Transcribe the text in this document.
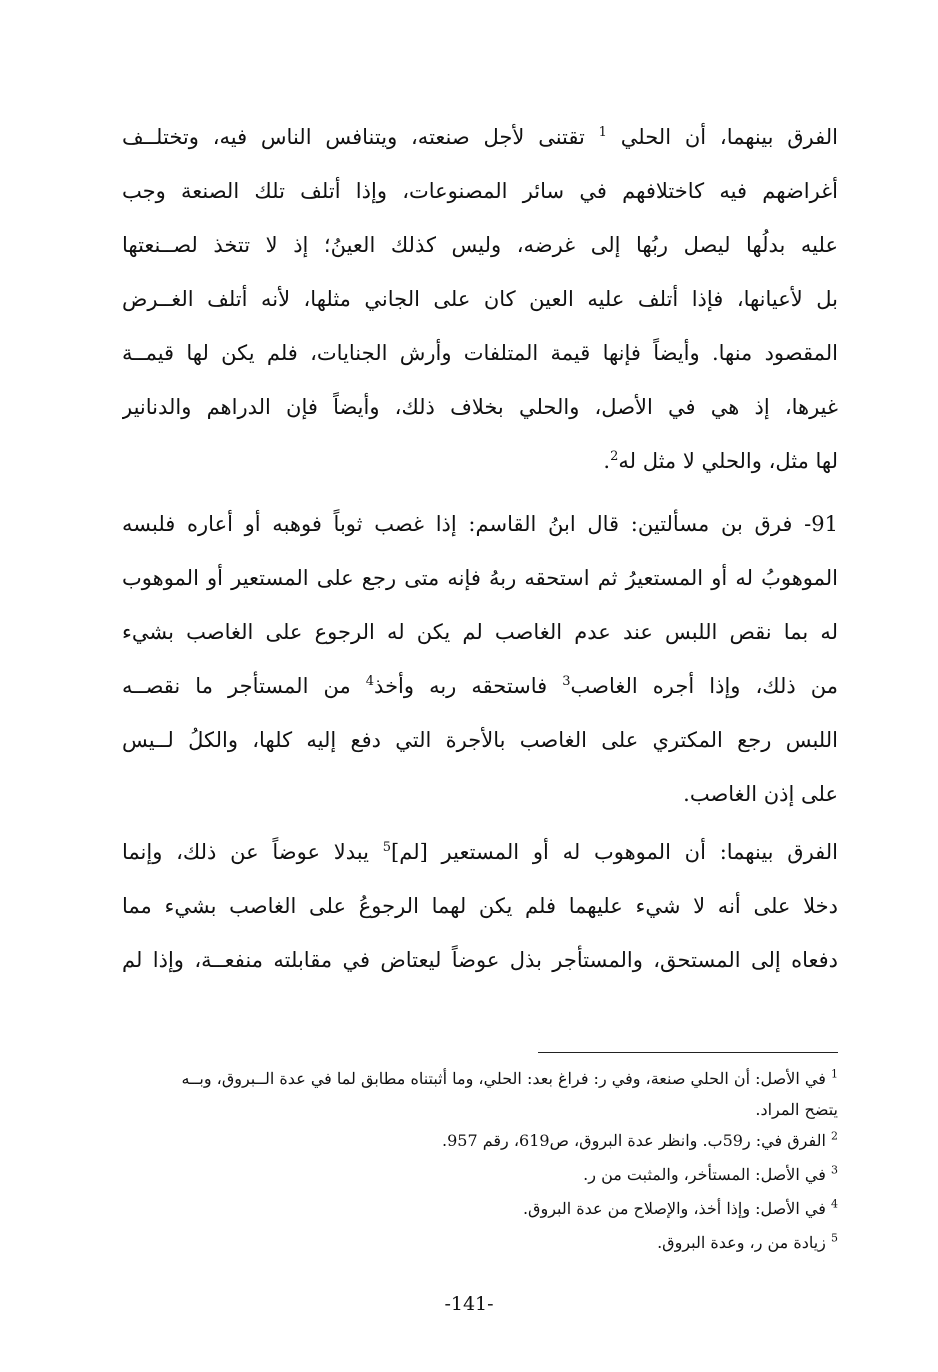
الفرق بينهما، أن الحلي $^1$ تقتنى لأجل صنعته، ويتنافس الناس فيه، وتختلــف
أغراضهم فيه كاختلافهم في سائر المصنوعات، وإذا أتلف تلك الصنعة وجب
عليه بدلُها ليصل ربُها إلى غرضه، وليس كذلك العينُ؛ إذ لا تتخذ لصــنعتها
بل لأعيانها، فإذا أتلف عليه العين كان على الجاني مثلها، لأنه أتلف الغــرض
المقصود منها. وأيضاً فإنها قيمة المتلفات وأرش الجنايات، فلم يكن لها قيمــة
غيرها، إذ هي في الأصل، والحلي بخلاف ذلك، وأيضاً فإن الدراهم والدنانير
لها مثل، والحلي لا مثل له$^2$.
91- فرق بن مسألتين: قال ابنُ القاسم: إذا غصب ثوباً فوهبه أو أعاره فلبسه
الموهوبُ له أو المستعيرُ ثم استحقه ربهُ فإنه متى رجع على المستعير أو الموهوب
له بما نقص اللبس عند عدم الغاصب لم يكن له الرجوع على الغاصب بشيء
من ذلك، وإذا أجره الغاصب$^3$ فاستحقه ربه وأخذ$^4$ من المستأجر ما نقصــه
اللبس رجع المكتري على الغاصب بالأجرة التي دفع إليه كلها، والكلُ لــيس
على إذن الغاصب.
الفرق بينهما: أن الموهوب له أو المستعير [لم]$^5$ يبدلا عوضاً عن ذلك، وإنما
دخلا على أنه لا شيء عليهما فلم يكن لهما الرجوعُ على الغاصب بشيء مما
دفعاه إلى المستحق، والمستأجر بذل عوضاً ليعتاض في مقابلته منفعــة، وإذا لم
$^1$ في الأصل: أن الحلي صنعة، وفي ر: فراغ بعد: الحلي، وما أثبتناه مطابق لما في عدة الــبروق، وبــه
يتضح المراد.
$^2$ الفرق في: ر59ب. وانظر عدة البروق، ص619، رقم 957.
$^3$ في الأصل: المستأخر، والمثبت من ر.
$^4$ في الأصل: وإذا أخذ، والإصلاح من عدة البروق.
$^5$ زيادة من ر، وعدة البروق.
-141-
